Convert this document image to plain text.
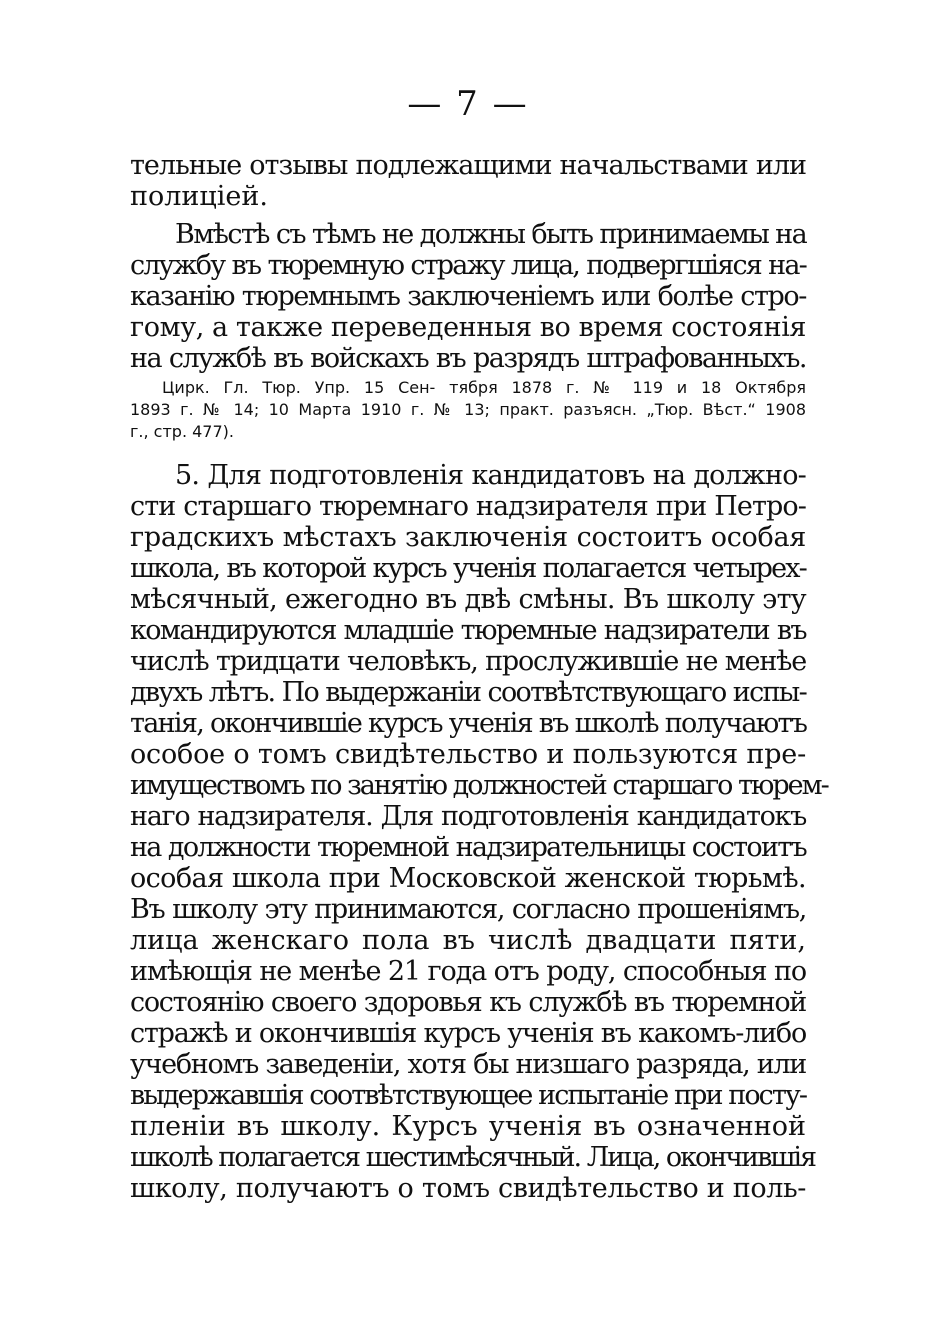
— 7 —
тельные отзывы подлежащими начальствами или
полицiей.
Вмѣстѣ съ тѣмъ не должны быть принимаемы на
службу въ тюремную стражу лица, подвергшiяся на-
казанiю тюремнымъ заключенiемъ или болѣе стро-
гому, а также переведенныя во время состоянiя
на службѣ въ войскахъ въ разрядъ штрафованныхъ.
Цирк. Гл. Тюр. Упр. 15 Сен- тября 1878 г. № 119 и 18 Октября
1893 г. № 14; 10 Марта 1910 г. № 13; практ. разъясн. „Тюр. Вѣст.“ 1908
г., стр. 477).
5. Для подготовленiя кандидатовъ на должно-
сти старшаго тюремнаго надзирателя при Петро-
градскихъ мѣстахъ заключенiя состоитъ особая
школа, въ которой курсъ ученiя полагается четырех-
мѣсячный, ежегодно въ двѣ смѣны. Въ школу эту
командируются младшiе тюремные надзиратели въ
числѣ тридцати человѣкъ, прослужившiе не менѣе
двухъ лѣтъ. По выдержанiи соотвѣтствующаго испы-
танiя, окончившiе курсъ ученiя въ школѣ получаютъ
особое о томъ свидѣтельство и пользуются пре-
имуществомъ по занятiю должностей старшаго тюрем-
наго надзирателя. Для подготовленiя кандидатокъ
на должности тюремной надзирательницы состоитъ
особая школа при Московской женской тюрьмѣ.
Въ школу эту принимаются, согласно прошенiямъ,
лица женскаго пола въ числѣ двадцати пяти,
имѣющiя не менѣе 21 года отъ роду, способныя по
состоянiю своего здоровья къ службѣ въ тюремной
стражѣ и окончившiя курсъ ученiя въ какомъ-либо
учебномъ заведенiи, хотя бы низшаго разряда, или
выдержавшiя соотвѣтствующее испытанiе при посту-
пленiи въ школу. Курсъ ученiя въ означенной
школѣ полагается шестимѣсячный. Лица, окончившiя
школу, получаютъ о томъ свидѣтельство и поль-
